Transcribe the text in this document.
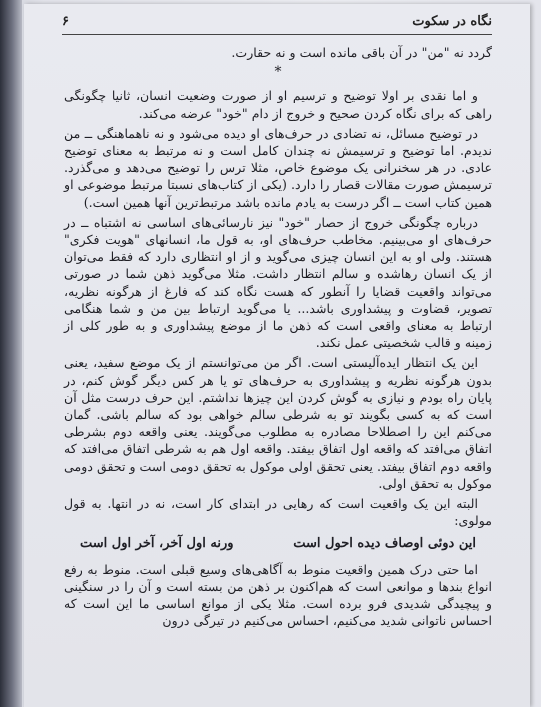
نگاه در سکوت
۶

گردد نه "من" در آن باقی مانده است و نه حقارت.

*

و اما نقدی بر اولا توضیح و ترسیم او از صورت وضعیت انسان، ثانیا چگونگی راهی که برای نگاه کردن صحیح و خروج از دام "خود" عرضه می‌کند.

در توضیح مسائل، نه تضادی در حرف‌های او دیده می‌شود و نه ناهماهنگی ــ من ندیدم. اما توضیح و ترسیمش نه چندان کامل است و نه مرتبط به معنای توضیح عادی. در هر سخنرانی یک موضوع خاص، مثلا ترس را توضیح می‌دهد و می‌گذرد. ترسیمش صورت مقالات قصار را دارد. (یکی از کتاب‌های نسبتا مرتبط موضوعی او همین کتاب است ــ اگر درست به یادم مانده باشد مرتبط‌ترین آنها همین است.)

درباره چگونگی خروج از حصار "خود" نیز نارسائی‌های اساسی نه اشتباه ــ در حرف‌های او می‌بینیم. مخاطب حرف‌های او، به قول ما، انسانهای "هویت فکری" هستند. ولی او به این انسان چیزی می‌گوید و از او انتظاری دارد که فقط می‌توان از یک انسان رهاشده و سالم انتظار داشت. مثلا می‌گوید ذهن شما در صورتی می‌تواند واقعیت قضایا را آنطور که هست نگاه کند که فارغ از هرگونه نظریه، تصویر، قضاوت و پیشداوری باشد... یا می‌گوید ارتباط بین من و شما هنگامی ارتباط به معنای واقعی است که ذهن ما از موضع پیشداوری و به طور کلی از زمینه و قالب شخصیتی عمل نکند.

این یک انتظار ایده‌آلیستی است. اگر من می‌توانستم از یک موضع سفید، یعنی بدون هرگونه نظریه و پیشداوری به حرف‌های تو یا هر کس دیگر گوش کنم، در پایان راه بودم و نیازی به گوش کردن این چیزها نداشتم. این حرف درست مثل آن است که به کسی بگویند تو به شرطی سالم خواهی بود که سالم باشی. گمان می‌کنم این را اصطلاحا مصادره به مطلوب می‌گویند. یعنی واقعه دوم بشرطی اتفاق می‌افتد که واقعه اول اتفاق بیفتد. واقعه اول هم به شرطی اتفاق می‌افتد که واقعه دوم اتفاق بیفتد. یعنی تحقق اولی موکول به تحقق دومی است و تحقق دومی موکول به تحقق اولی.

البته این یک واقعیت است که رهایی در ابتدای کار است، نه در انتها. به قول مولوی:

این دوئی اوصاف دیده احول است
ورنه اول آخر، آخر اول است

اما حتی درک همین واقعیت منوط به آگاهی‌های وسیع قبلی است. منوط به رفع انواع بندها و موانعی است که هم‌اکنون بر ذهن من بسته است و آن را در سنگینی و پیچیدگی شدیدی فرو برده است. مثلا یکی از موانع اساسی ما این است که احساس ناتوانی شدید می‌کنیم، احساس می‌کنیم در تیرگی درون
